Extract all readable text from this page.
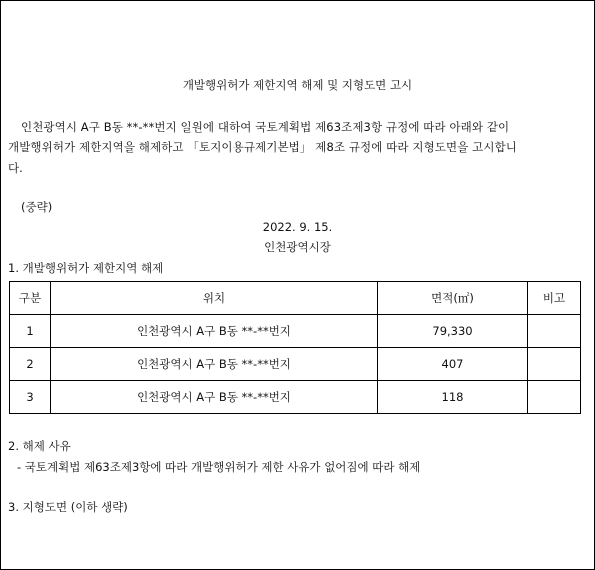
개발행위허가 제한지역 해제 및 지형도면 고시
인천광역시 A구 B동 **-**번지 일원에 대하여 국토계획법 제63조제3항 규정에 따라 아래와 같이
개발행위허가 제한지역을 해제하고 「토지이용규제기본법」 제8조 규정에 따라 지형도면을 고시합니
다.
(중략)
2022. 9. 15.
인천광역시장
1. 개발행위허가 제한지역 해제
구분	위치	면적(㎡)	비고
1	인천광역시 A구 B동 **-**번지	79,330	
2	인천광역시 A구 B동 **-**번지	407	
3	인천광역시 A구 B동 **-**번지	118	
2. 해제 사유
- 국토계획법 제63조제3항에 따라 개발행위허가 제한 사유가 없어짐에 따라 해제
3. 지형도면 (이하 생략)
